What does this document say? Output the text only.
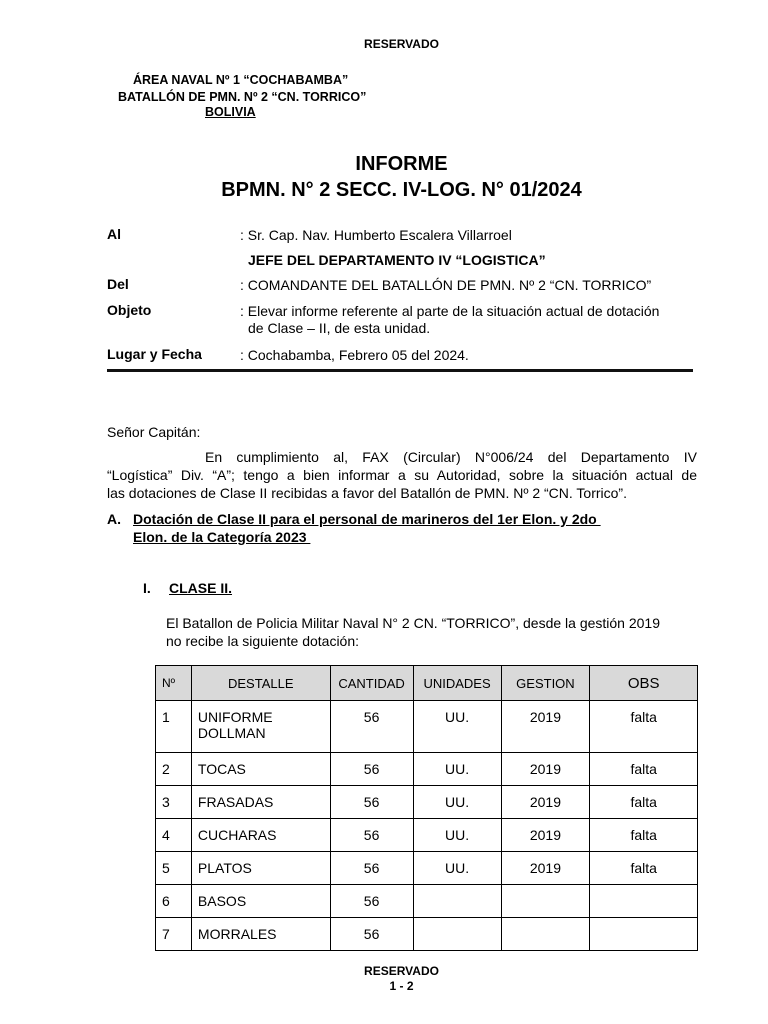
RESERVADO
ÁREA NAVAL Nº 1 “COCHABAMBA”
BATALLÓN DE PMN. Nº 2 “CN. TORRICO”
BOLIVIA
INFORME
BPMN. N° 2 SECC. IV-LOG. N° 01/2024
Al	: Sr. Cap. Nav. Humberto Escalera Villarroel
JEFE DEL DEPARTAMENTO IV “LOGISTICA”
Del	: COMANDANTE DEL BATALLÓN DE PMN. Nº 2 “CN. TORRICO”
Objeto	: Elevar informe referente al parte de la situación actual de dotación
de Clase – II, de esta unidad.
Lugar y Fecha	: Cochabamba, Febrero 05 del 2024.
Señor Capitán:
En cumplimiento al, FAX (Circular) N°006/24 del Departamento IV
“Logística” Div. “A”; tengo a bien informar a su Autoridad, sobre la situación actual de
las dotaciones de Clase II recibidas a favor del Batallón de PMN. Nº 2 “CN. Torrico”.
A. Dotación de Clase II para el personal de marineros del 1er Elon. y 2do
Elon. de la Categoría 2023
I. CLASE II.
El Batallon de Policia Militar Naval N° 2 CN. “TORRICO”, desde la gestión 2019
no recibe la siguiente dotación:
Nº	DESTALLE	CANTIDAD	UNIDADES	GESTION	OBS
1	UNIFORME
DOLLMAN	56	UU.	2019	falta
2	TOCAS	56	UU.	2019	falta
3	FRASADAS	56	UU.	2019	falta
4	CUCHARAS	56	UU.	2019	falta
5	PLATOS	56	UU.	2019	falta
6	BASOS	56			
7	MORRALES	56			
RESERVADO
1 - 2
